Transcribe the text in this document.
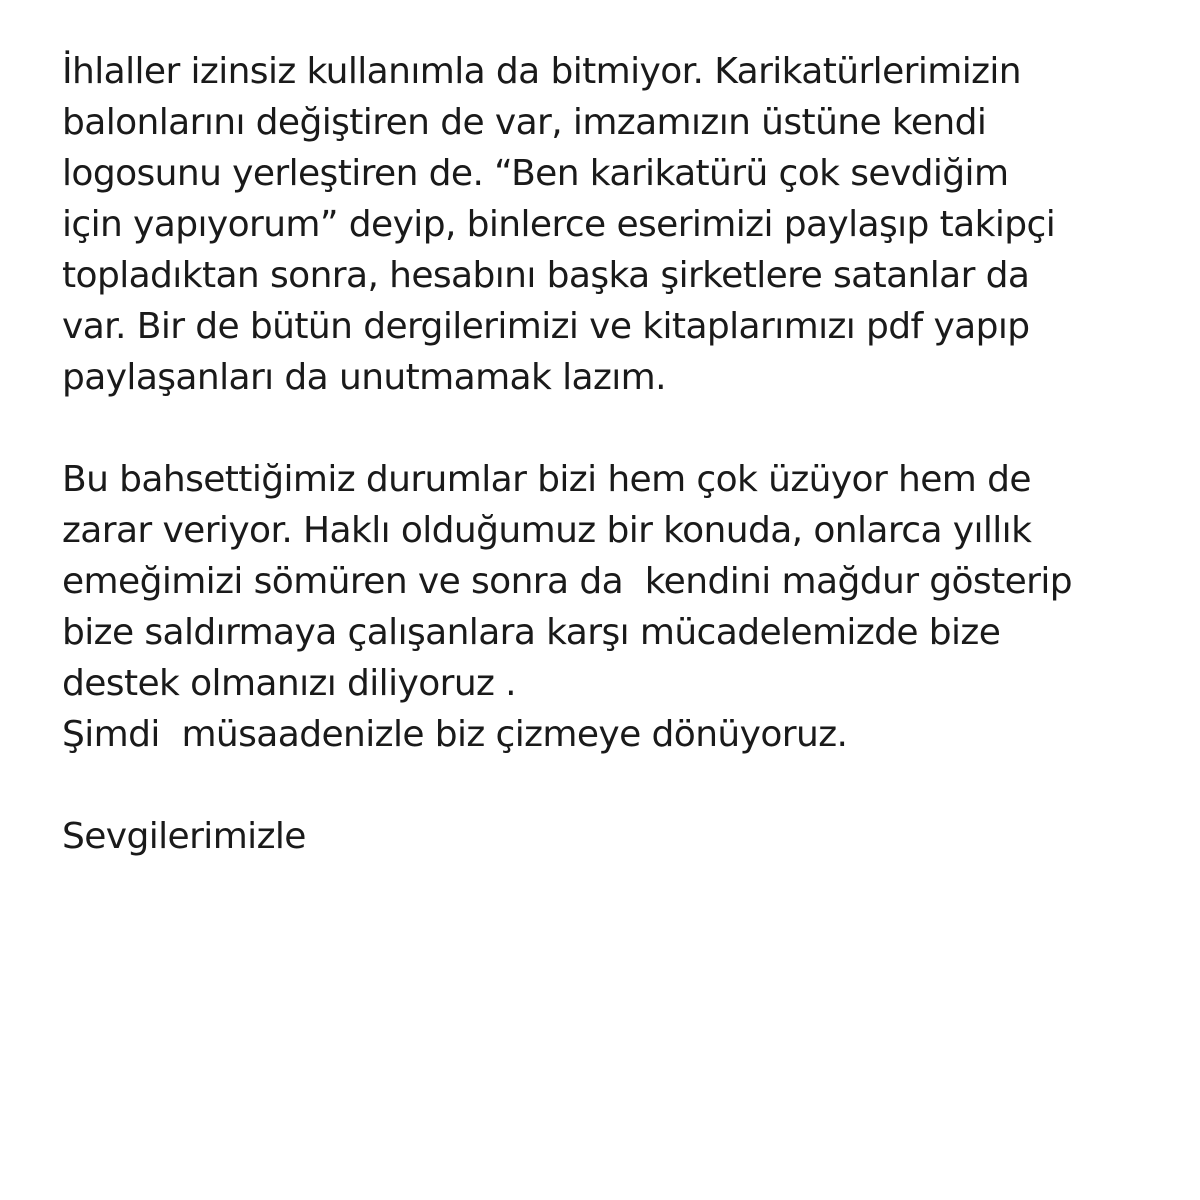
İhlaller izinsiz kullanımla da bitmiyor. Karikatürlerimizin
balonlarını değiştiren de var, imzamızın üstüne kendi
logosunu yerleştiren de. “Ben karikatürü çok sevdiğim
için yapıyorum” deyip, binlerce eserimizi paylaşıp takipçi
topladıktan sonra, hesabını başka şirketlere satanlar da
var. Bir de bütün dergilerimizi ve kitaplarımızı pdf yapıp
paylaşanları da unutmamak lazım.
Bu bahsettiğimiz durumlar bizi hem çok üzüyor hem de
zarar veriyor. Haklı olduğumuz bir konuda, onlarca yıllık
emeğimizi sömüren ve sonra da  kendini mağdur gösterip
bize saldırmaya çalışanlara karşı mücadelemizde bize
destek olmanızı diliyoruz .
Şimdi  müsaadenizle biz çizmeye dönüyoruz.
Sevgilerimizle
